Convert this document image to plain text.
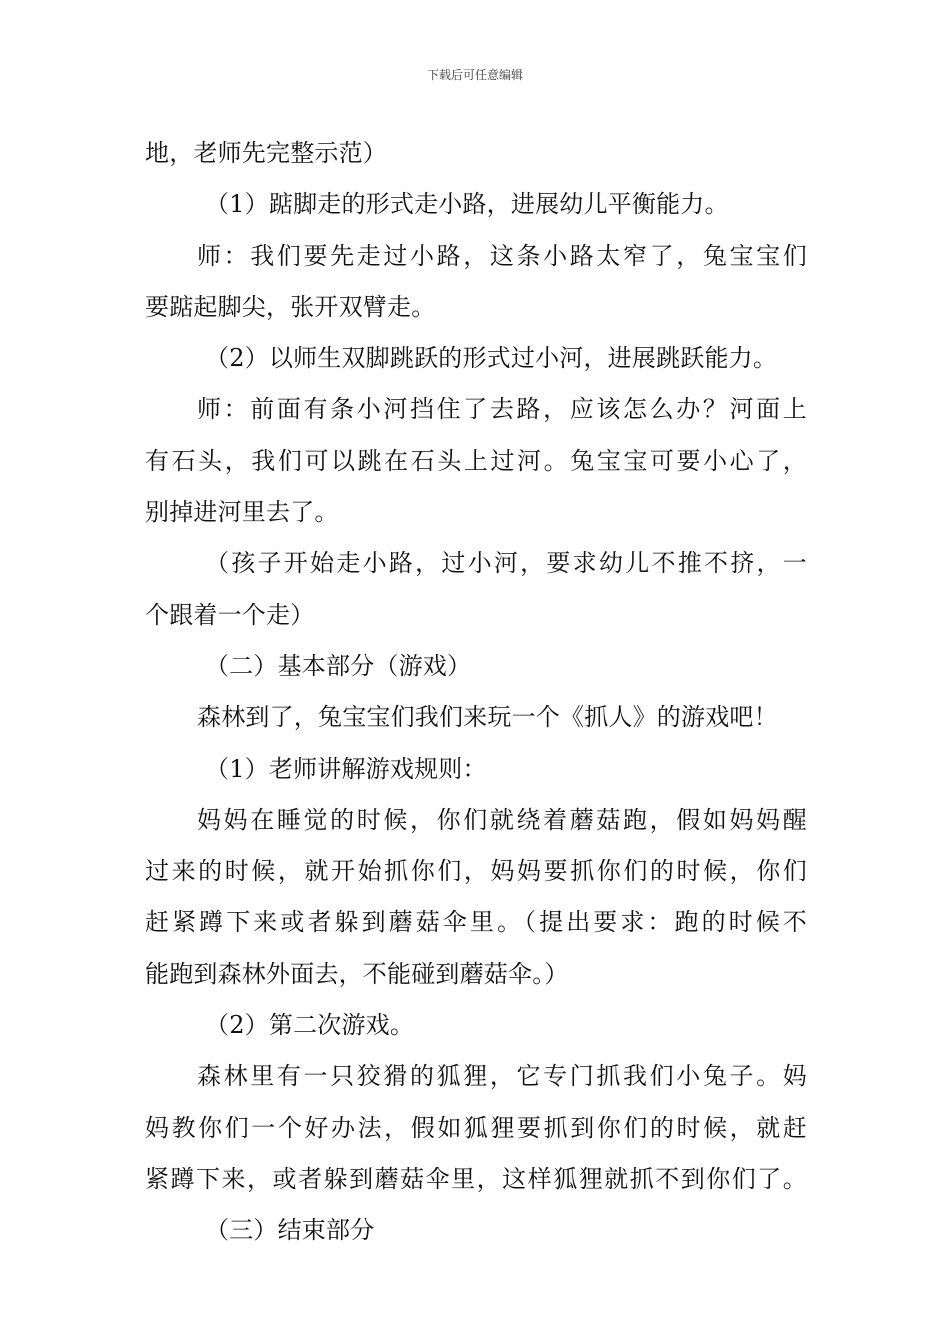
下载后可任意编辑
地，老师先完整示范）
（1）踮脚走的形式走小路，进展幼儿平衡能力。
师：我们要先走过小路，这条小路太窄了，兔宝宝们
要踮起脚尖，张开双臂走。
（2）以师生双脚跳跃的形式过小河，进展跳跃能力。
师：前面有条小河挡住了去路，应该怎么办？河面上
有石头，我们可以跳在石头上过河。兔宝宝可要小心了，
别掉进河里去了。
（孩子开始走小路，过小河，要求幼儿不推不挤，一
个跟着一个走）
（二）基本部分（游戏）
森林到了，兔宝宝们我们来玩一个《抓人》的游戏吧！
（1）老师讲解游戏规则：
妈妈在睡觉的时候，你们就绕着蘑菇跑，假如妈妈醒
过来的时候，就开始抓你们，妈妈要抓你们的时候，你们
赶紧蹲下来或者躲到蘑菇伞里。（提出要求：跑的时候不
能跑到森林外面去，不能碰到蘑菇伞。）
（2）第二次游戏。
森林里有一只狡猾的狐狸，它专门抓我们小兔子。妈
妈教你们一个好办法，假如狐狸要抓到你们的时候，就赶
紧蹲下来，或者躲到蘑菇伞里，这样狐狸就抓不到你们了。
（三）结束部分
